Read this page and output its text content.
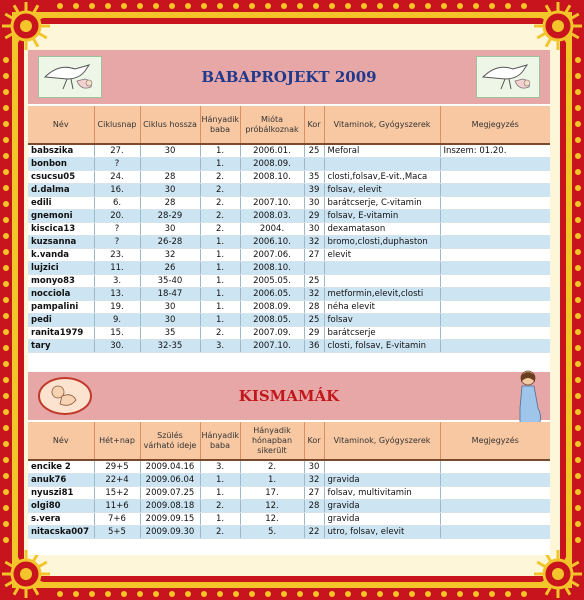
BABAPROJEKT 2009
Név	Ciklusnap	Ciklus hossza	Hányadik baba	Mióta próbálkoznak	Kor	Vitaminok, Gyógyszerek	Megjegyzés
babszika	27.	30	1.	2006.01.	25	Meforal	Inszem: 01.20.
bonbon	?		1.	2008.09.			
csucsu05	24.	28	2.	2008.10.	35	closti,folsav,E-vit.,Maca	
d.dalma	16.	30	2.		39	folsav, elevit	
edili	6.	28	2.	2007.10.	30	barátcserje, C-vitamin	
gnemoni	20.	28-29	2.	2008.03.	29	folsav, E-vitamin	
kiscica13	?	30	2.	2004.	30	dexamatason	
kuzsanna	?	26-28	1.	2006.10.	32	bromo,closti,duphaston	
k.vanda	23.	32	1.	2007.06.	27	elevit	
lujzici	11.	26	1.	2008.10.			
monyo83	3.	35-40	1.	2005.05.	25		
nocciola	13.	18-47	1.	2006.05.	32	metformin,elevit,closti	
pampalini	19.	30	1.	2008.09.	28	néha elevit	
pedi	9.	30	1.	2008.05.	25	folsav	
ranita1979	15.	35	2.	2007.09.	29	barátcserje	
tary	30.	32-35	3.	2007.10.	36	closti, folsav, E-vitamin	
KISMAMÁK
Név	Hét+nap	Szülés várható ideje	Hányadik baba	Hányadik hónapban sikerült	Kor	Vitaminok, Gyógyszerek	Megjegyzés
encike 2	29+5	2009.04.16	3.	2.	30		
anuk76	22+4	2009.06.04	1.	1.	32	gravida	
nyuszi81	15+2	2009.07.25	1.	17.	27	folsav, multivitamin	
olgi80	11+6	2009.08.18	2.	12.	28	gravida	
s.vera	7+6	2009.09.15	1.	12.		gravida	
nitacska007	5+5	2009.09.30	2.	5.	22	utro, folsav, elevit	
